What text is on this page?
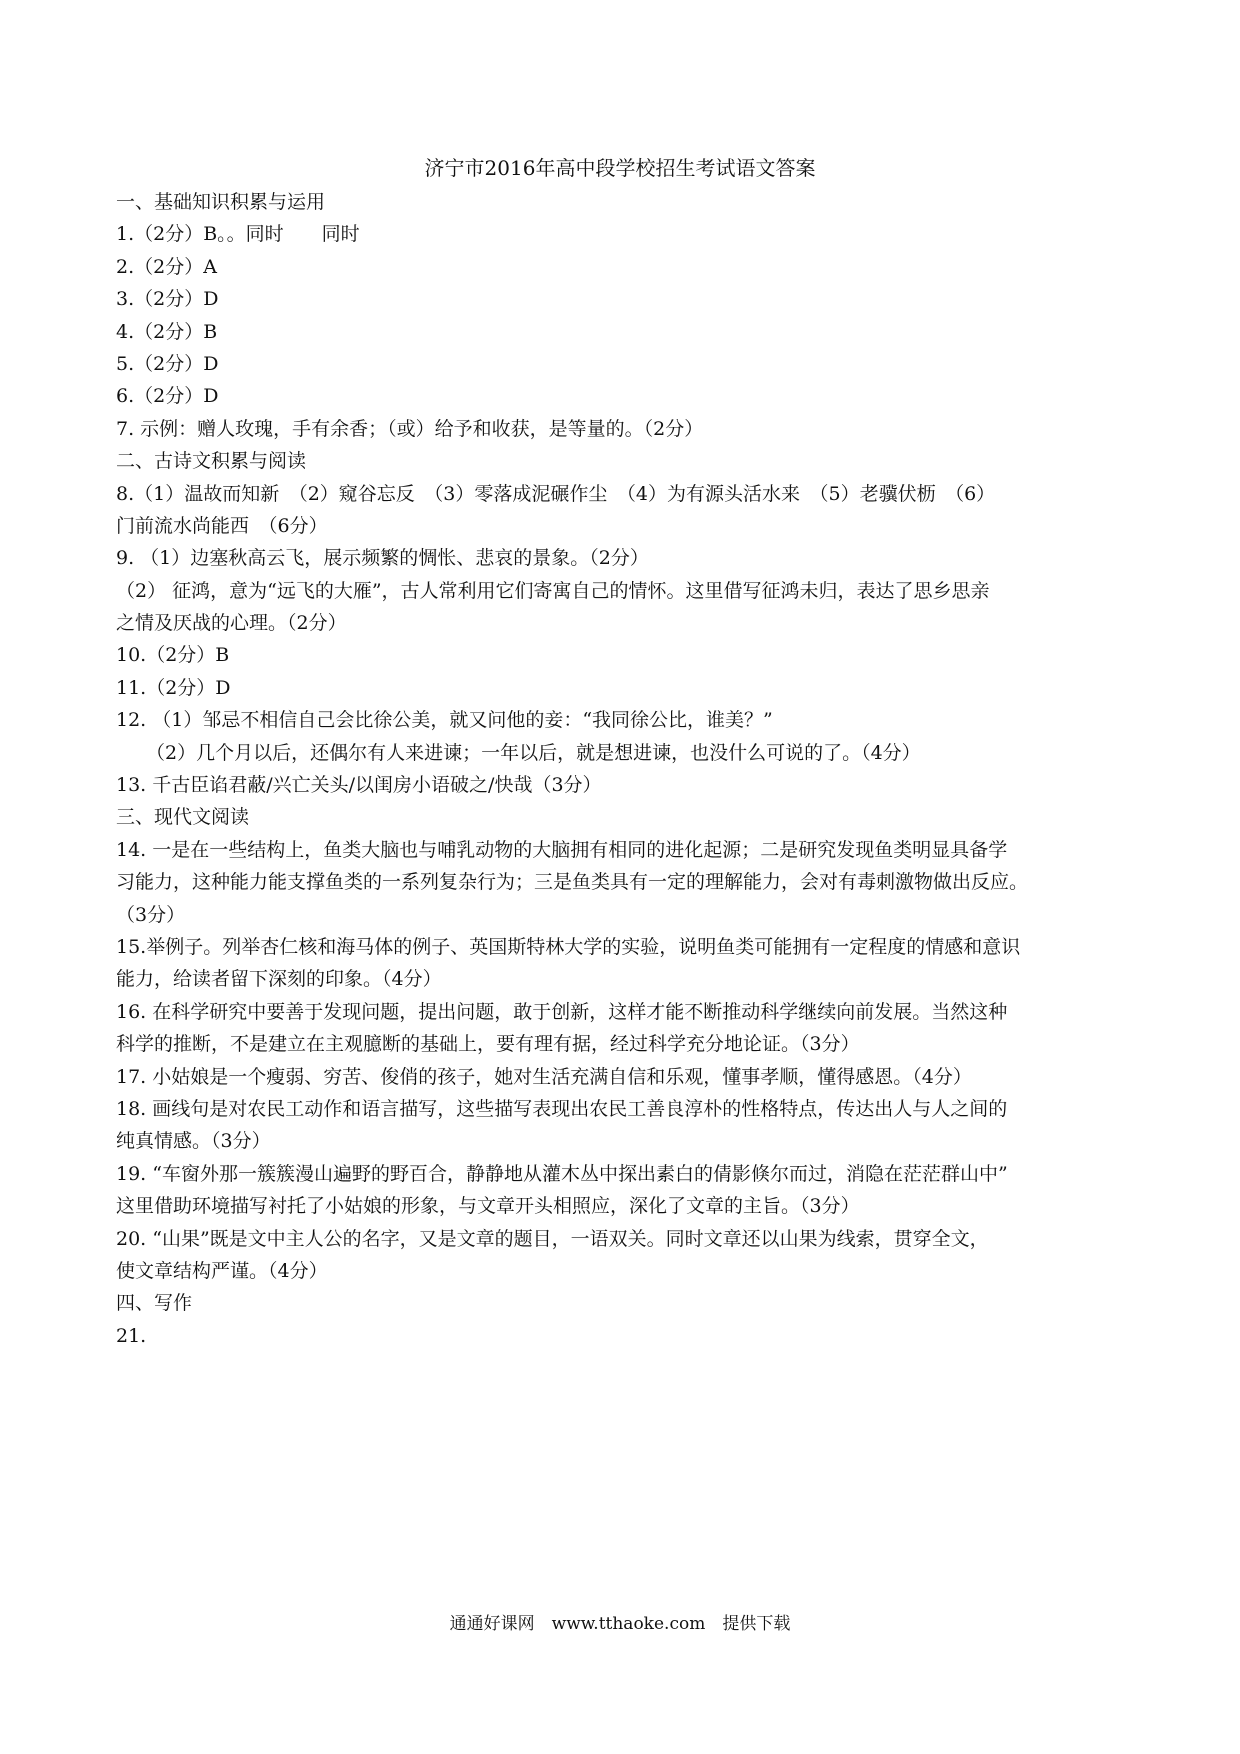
济宁市2016年高中段学校招生考试语文答案
一、基础知识积累与运用
1.（2分）B。。同时　　同时
2.（2分）A
3.（2分）D
4.（2分）B
5.（2分）D
6.（2分）D
7. 示例：赠人玫瑰，手有余香；（或）给予和收获，是等量的。（2分）
二、古诗文积累与阅读
8.（1）温故而知新　（2）窥谷忘反　（3）零落成泥碾作尘　（4）为有源头活水来　（5）老骥伏枥　（6）
门前流水尚能西　（6分）
9. （1）边塞秋高云飞，展示频繁的惆怅、悲哀的景象。（2分）
（2） 征鸿，意为“远飞的大雁”，古人常利用它们寄寓自己的情怀。这里借写征鸿未归，表达了思乡思亲
之情及厌战的心理。（2分）
10.（2分）B
11.（2分）D
12. （1）邹忌不相信自己会比徐公美，就又问他的妾：“我同徐公比，谁美？”
（2）几个月以后，还偶尔有人来进谏；一年以后，就是想进谏，也没什么可说的了。（4分）
13. 千古臣谄君蔽/兴亡关头/以闺房小语破之/快哉（3分）
三、现代文阅读
14. 一是在一些结构上，鱼类大脑也与哺乳动物的大脑拥有相同的进化起源；二是研究发现鱼类明显具备学
习能力，这种能力能支撑鱼类的一系列复杂行为；三是鱼类具有一定的理解能力，会对有毒刺激物做出反应。
（3分）
15.举例子。列举杏仁核和海马体的例子、英国斯特林大学的实验，说明鱼类可能拥有一定程度的情感和意识
能力，给读者留下深刻的印象。（4分）
16. 在科学研究中要善于发现问题，提出问题，敢于创新，这样才能不断推动科学继续向前发展。当然这种
科学的推断，不是建立在主观臆断的基础上，要有理有据，经过科学充分地论证。（3分）
17. 小姑娘是一个瘦弱、穷苦、俊俏的孩子，她对生活充满自信和乐观，懂事孝顺，懂得感恩。（4分）
18. 画线句是对农民工动作和语言描写，这些描写表现出农民工善良淳朴的性格特点，传达出人与人之间的
纯真情感。（3分）
19. “车窗外那一簇簇漫山遍野的野百合，静静地从灌木丛中探出素白的倩影倏尔而过，消隐在茫茫群山中”
这里借助环境描写衬托了小姑娘的形象，与文章开头相照应，深化了文章的主旨。（3分）
20. “山果”既是文中主人公的名字，又是文章的题目，一语双关。同时文章还以山果为线索，贯穿全文，
使文章结构严谨。（4分）
四、写作
21.
通通好课网　www.tthaoke.com　提供下载
